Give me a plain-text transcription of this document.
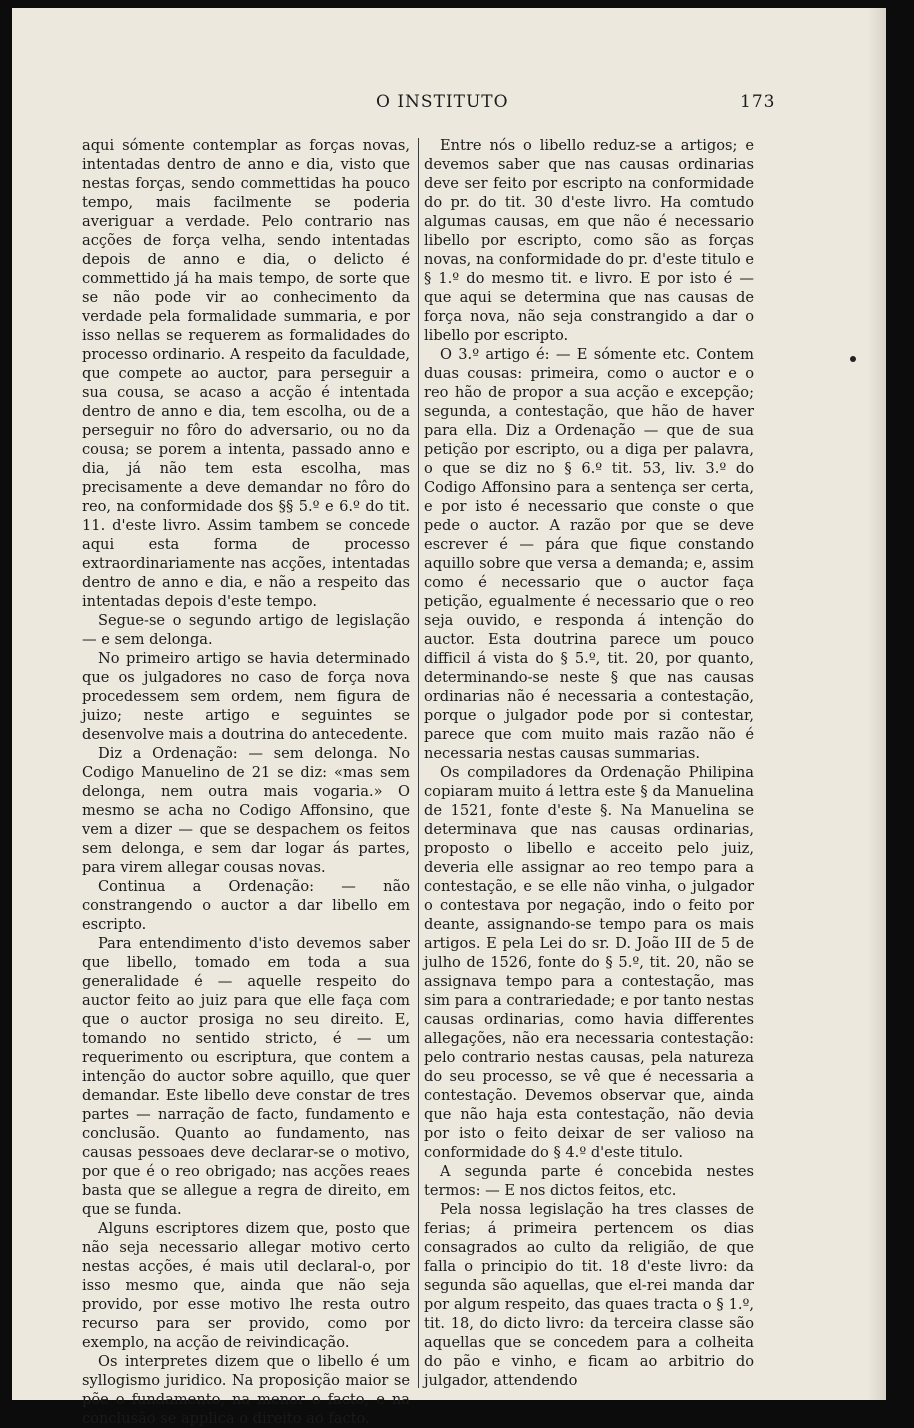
O INSTITUTO	173

aqui sómente contemplar as forças novas, intentadas dentro de anno e dia, visto que nestas forças, sendo commettidas ha pouco tempo, mais facilmente se poderia averiguar a verdade. Pelo contrario nas acções de força velha, sendo intentadas depois de anno e dia, o delicto é commettido já ha mais tempo, de sorte que se não pode vir ao conhecimento da verdade pela formalidade summaria, e por isso nellas se requerem as formalidades do processo ordinario. A respeito da faculdade, que compete ao auctor, para perseguir a sua cousa, se acaso a acção é intentada dentro de anno e dia, tem escolha, ou de a perseguir no fôro do adversario, ou no da cousa; se porem a intenta, passado anno e dia, já não tem esta escolha, mas precisamente a deve demandar no fôro do reo, na conformidade dos §§ 5.º e 6.º do tit. 11. d'este livro. Assim tambem se concede aqui esta forma de processo extraordinariamente nas acções, intentadas dentro de anno e dia, e não a respeito das intentadas depois d'este tempo.

Segue-se o segundo artigo de legislação— e sem delonga.

No primeiro artigo se havia determinado que os julgadores no caso de força nova procedessem sem ordem, nem figura de juizo; neste artigo e seguintes se desenvolve mais a doutrina do antecedente.

Diz a Ordenação: — sem delonga. No Codigo Manuelino de 21 se diz: «mas sem delonga, nem outra mais vogaria.» O mesmo se acha no Codigo Affonsino, que vem a dizer — que se despachem os feitos sem delonga, e sem dar logar ás partes, para virem allegar cousas novas.

Continua a Ordenação: — não constrangendo o auctor a dar libello em escripto.

Para entendimento d'isto devemos saber que libello, tomado em toda a sua generalidade é — aquelle respeito do auctor feito ao juiz para que elle faça com que o auctor prosiga no seu direito. E, tomando no sentido stricto, é — um requerimento ou escriptura, que contem a intenção do auctor sobre aquillo, que quer demandar. Este libello deve constar de tres partes — narração de facto, fundamento e conclusão. Quanto ao fundamento, nas causas pessoaes deve declarar-se o motivo, por que é o reo obrigado; nas acções reaes basta que se allegue a regra de direito, em que se funda.

Alguns escriptores dizem que, posto que não seja necessario allegar motivo certo nestas acções, é mais util declaral-o, por isso mesmo que, ainda que não seja provido, por esse motivo lhe resta outro recurso para ser provido, como por exemplo, na acção de reivindicação.

Os interpretes dizem que o libello é um syllogismo juridico. Na proposição maior se põe o fundamento, na menor o facto, e na conclusão se applica o direito ao facto.

Entre nós o libello reduz-se a artigos; e devemos saber que nas causas ordinarias deve ser feito por escripto na conformidade do pr. do tit. 30 d'este livro. Ha comtudo algumas causas, em que não é necessario libello por escripto, como são as forças novas, na conformidade do pr. d'este titulo e § 1.º do mesmo tit. e livro. E por isto é — que aqui se determina que nas causas de força nova, não seja constrangido a dar o libello por escripto.

O 3.º artigo é: — E sómente etc. Contem duas cousas: primeira, como o auctor e o reo hão de propor a sua acção e excepção; segunda, a contestação, que hão de haver para ella. Diz a Ordenação — que de sua petição por escripto, ou a diga per palavra, o que se diz no § 6.º tit. 53, liv. 3.º do Codigo Affonsino para a sentença ser certa, e por isto é necessario que conste o que pede o auctor. A razão por que se deve escrever é — pára que fique constando aquillo sobre que versa a demanda; e, assim como é necessario que o auctor faça petição, egualmente é necessario que o reo seja ouvido, e responda á intenção do auctor. Esta doutrina parece um pouco difficil á vista do § 5.º, tit. 20, por quanto, determinando-se neste § que nas causas ordinarias não é necessaria a contestação, porque o julgador pode por si contestar, parece que com muito mais razão não é necessaria nestas causas summarias.

Os compiladores da Ordenação Philipina copiaram muito á lettra este § da Manuelina de 1521, fonte d'este §. Na Manuelina se determinava que nas causas ordinarias, proposto o libello e acceito pelo juiz, deveria elle assignar ao reo tempo para a contestação, e se elle não vinha, o julgador o contestava por negação, indo o feito por deante, assignando-se tempo para os mais artigos. E pela Lei do sr. D. João III de 5 de julho de 1526, fonte do § 5.º, tit. 20, não se assignava tempo para a contestação, mas sim para a contrariedade; e por tanto nestas causas ordinarias, como havia differentes allegações, não era necessaria contestação: pelo contrario nestas causas, pela natureza do seu processo, se vê que é necessaria a contestação. Devemos observar que, ainda que não haja esta contestação, não devia por isto o feito deixar de ser valioso na conformidade do § 4.º d'este titulo.

A segunda parte é concebida nestes termos: — E nos dictos feitos, etc.

Pela nossa legislação ha tres classes de ferias; á primeira pertencem os dias consagrados ao culto da religião, de que falla o principio do tit. 18 d'este livro: da segunda são aquellas, que el-rei manda dar por algum respeito, das quaes tracta o § 1.º, tit. 18, do dicto livro: da terceira classe são aquellas que se concedem para a colheita do pão e vinho, e ficam ao arbitrio do julgador, attendendo
